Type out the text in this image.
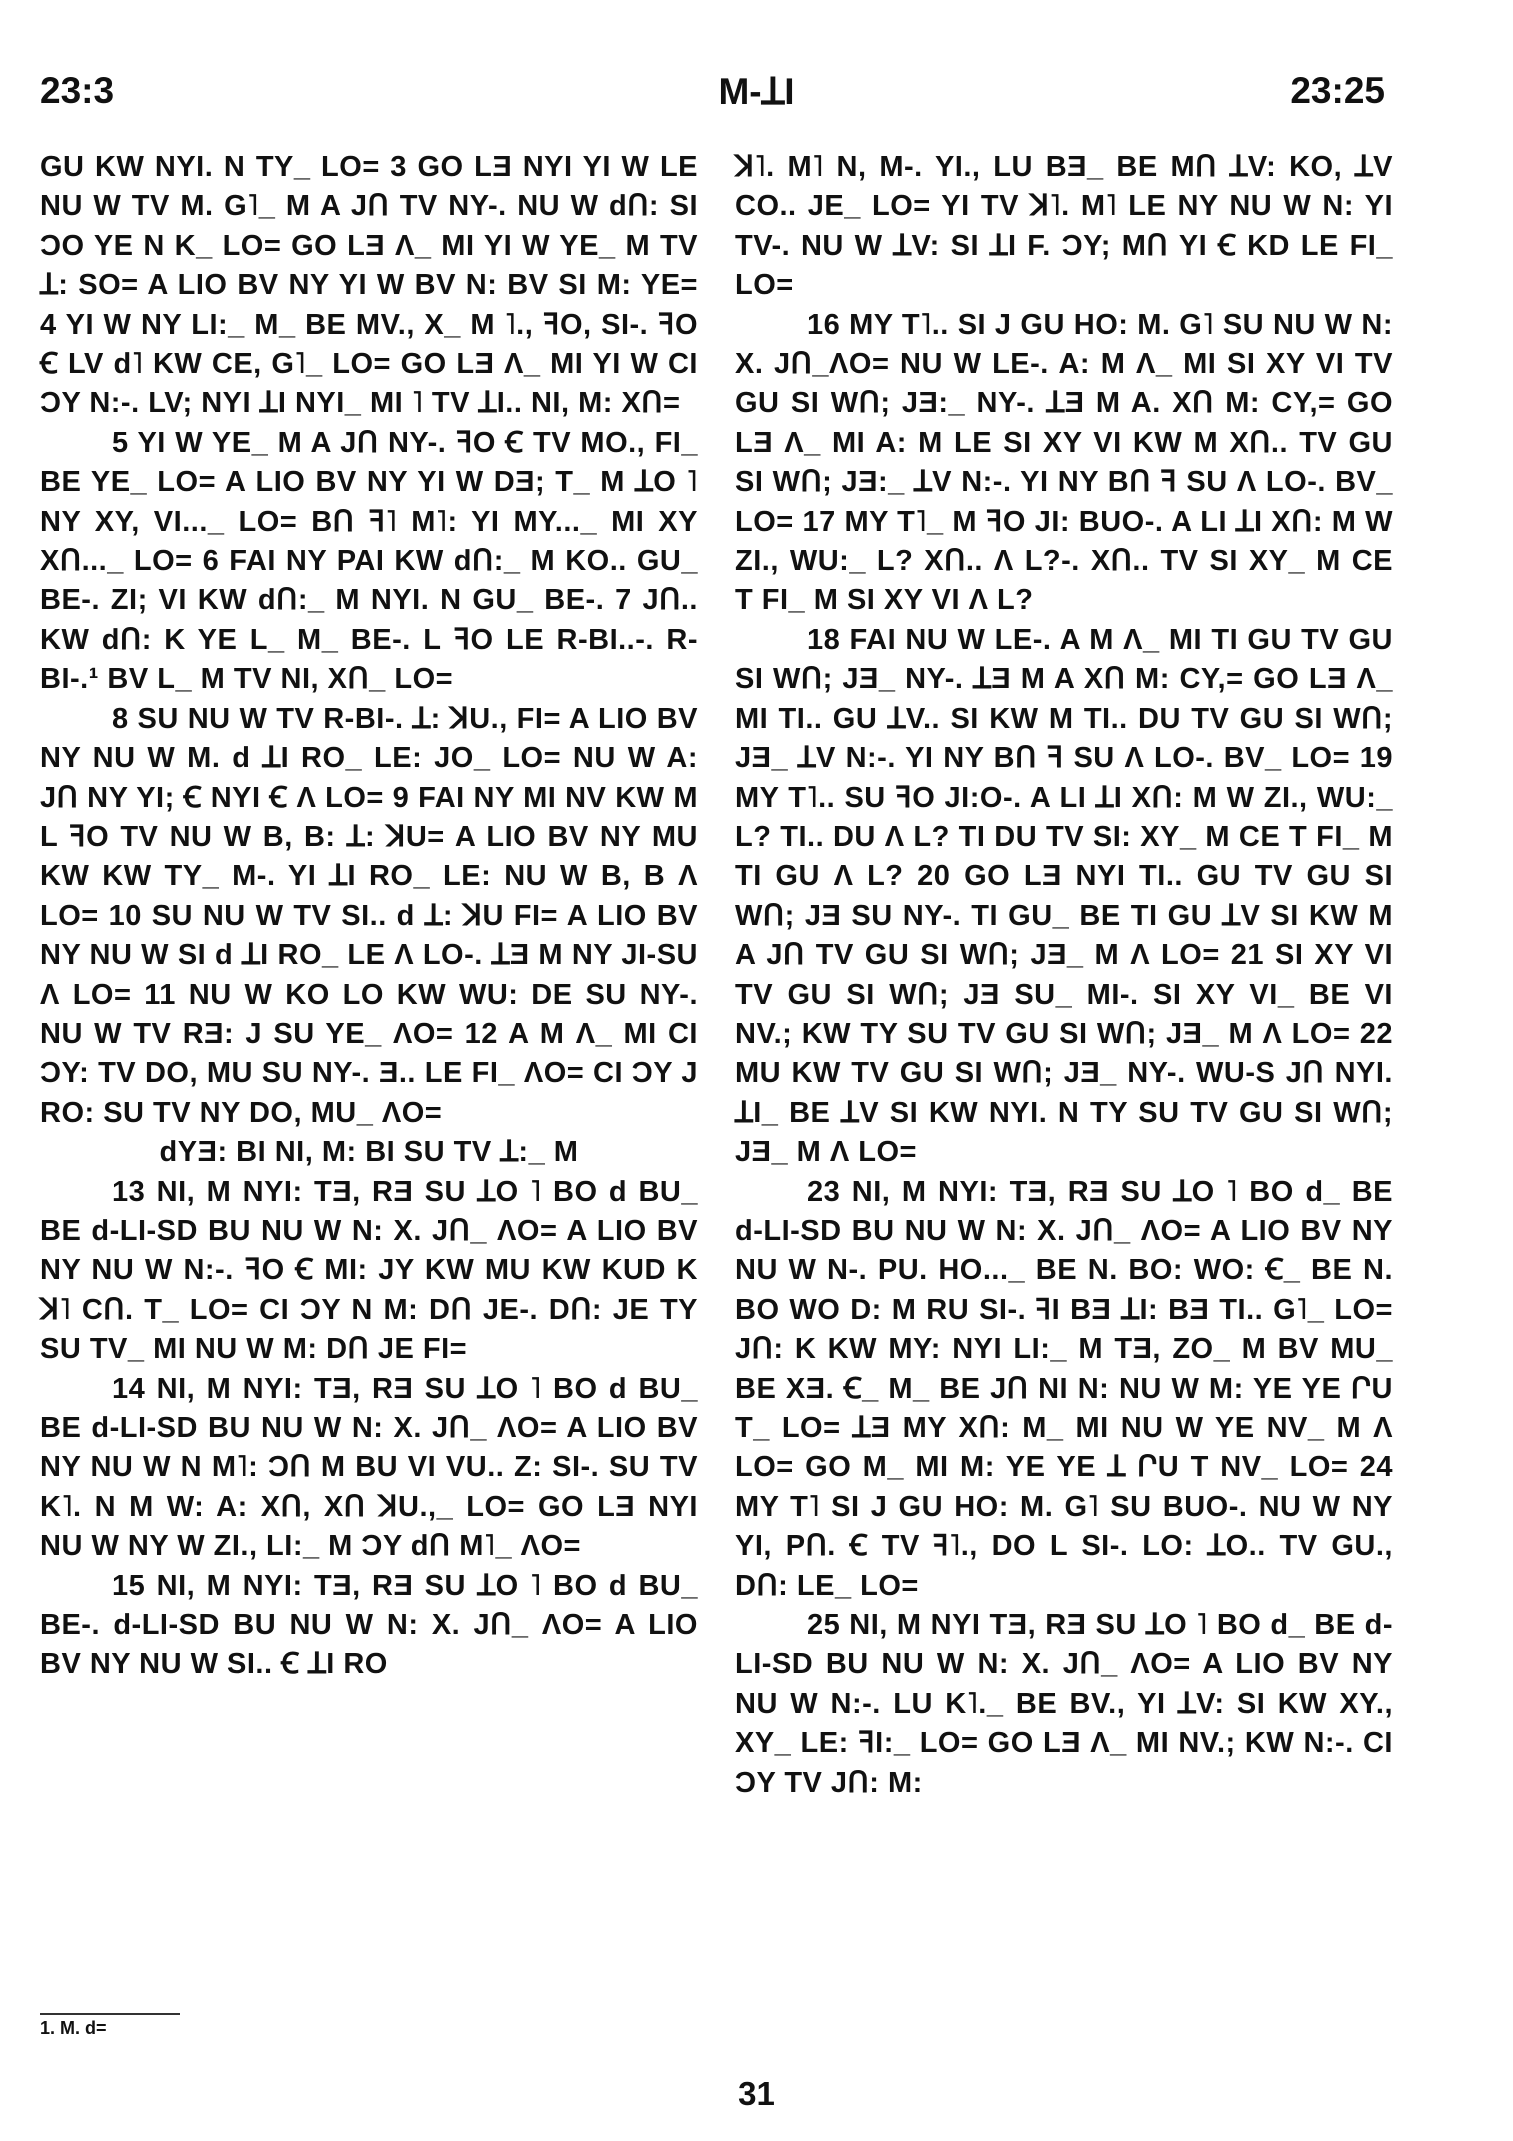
23:3	M-ꓕI	23:25

GU KW NYI. N TY_ LO= 3 GO LƎ NYI YI W LE NU W TV M. G˥_ M A JՈ TV NY-. NU W ԁՈ: SI ƆO YE N K_ LO= GO LƎ Λ_ MI YI W YE_ M TV ꓕ: SO= A LIO BV NY YI W BV N: BV SI M: YE= 4 YI W NY LI:_ M_ BE MV., X_ M ˥., ꟻO, SI-. ꟻO Ꞓ LV ԁ˥ KW CE, G˥_ LO= GO LƎ Λ_ MI YI W CI ƆY N:-. LV; NYI ꓕI NYI_ MI ˥ TV ꓕI.. NI, M: XՈ=

5 YI W YE_ M A JՈ NY-. ꟻO Ꞓ TV MO., FI_ BE YE_ LO= A LIO BV NY YI W DƎ; T_ M ꓕO ˥ NY XY, VI..._ LO= BՈ ꟻ˥ M˥: YI MY..._ MI XY XՈ..._ LO= 6 FAI NY PAI KW ԁՈ:_ M KO.. GU_ BE-. ZI; VI KW ԁՈ:_ M NYI. N GU_ BE-. 7 JՈ.. KW ԁՈ: K YE L_ M_ BE-. L ꟻO LE R-BI..-. R-BI-.¹ BV L_ M TV NI, XՈ_ LO=

8 SU NU W TV R-BI-. ꓕ: ꓘU., FI= A LIO BV NY NU W M. ԁ ꓕI RO_ LE: JO_ LO= NU W A: JՈ NY YI; Ꞓ NYI Ꞓ Λ LO= 9 FAI NY MI NV KW M L ꟻO TV NU W B, B: ꓕ: ꓘU= A LIO BV NY MU KW KW TY_ M-. YI ꓕI RO_ LE: NU W B, B Λ LO= 10 SU NU W TV SI.. ԁ ꓕ: ꓘU FI= A LIO BV NY NU W SI ԁ ꓕI RO_ LE Λ LO-. ꓕƎ M NY JI-SU Λ LO= 11 NU W KO LO KW WU: DE SU NY-. NU W TV RƎ: J SU YE_ ΛO= 12 A M Λ_ MI CI ƆY: TV DO, MU SU NY-. Ǝ.. LE FI_ ΛO= CI ƆY J RO: SU TV NY DO, MU_ ΛO=

ԁYƎ: BI NI, M: BI SU TV ꓕ:_ M

13 NI, M NYI: TƎ, RƎ SU ꓕO ˥ BO ԁ BU_ BE ԁ-LI-SD BU NU W N: X. JՈ_ ΛO= A LIO BV NY NU W N:-. ꟻO Ꞓ MI: JY KW MU KW KUD K ꓘ˥ CՈ. T_ LO= CI ƆY N M: DՈ JE-. DՈ: JE TY SU TV_ MI NU W M: DՈ JE FI=

14 NI, M NYI: TƎ, RƎ SU ꓕO ˥ BO ԁ BU_ BE ԁ-LI-SD BU NU W N: X. JՈ_ ΛO= A LIO BV NY NU W N M˥: ƆՈ M BU VI VU.. Z: SI-. SU TV K˥. N M W: A: XՈ, XՈ ꓘU.,_ LO= GO LƎ NYI NU W NY W ZI., LI:_ M ƆY ԁՈ M˥_ ΛO=

15 NI, M NYI: TƎ, RƎ SU ꓕO ˥ BO ԁ BU_ BE-. ԁ-LI-SD BU NU W N: X. JՈ_ ΛO= A LIO BV NY NU W SI.. Ꞓ ꓕI RO

ꓘ˥. M˥ N, M-. YI., LU BƎ_ BE MՈ ꓕV: KO, ꓕV CO.. JE_ LO= YI TV ꓘ˥. M˥ LE NY NU W N: YI TV-. NU W ꓕV: SI ꓕI F. ƆY; MՈ YI Ꞓ KD LE FI_ LO=

16 MY T˥.. SI J GU HO: M. G˥ SU NU W N: X. JՈ_ΛO= NU W LE-. A: M Λ_ MI SI XY VI TV GU SI WՈ; JƎ:_ NY-. ꓕƎ M A. XՈ M: CY,= GO LƎ Λ_ MI A: M LE SI XY VI KW M XՈ.. TV GU SI WՈ; JƎ:_ ꓕV N:-. YI NY BՈ ꟻ SU Λ LO-. BV_ LO= 17 MY T˥_ M ꟻO JI: BUO-. A LI ꓕI XՈ: M W ZI., WU:_ L? XՈ.. Λ L?-. XՈ.. TV SI XY_ M CE T FI_ M SI XY VI Λ L?

18 FAI NU W LE-. A M Λ_ MI TI GU TV GU SI WՈ; JƎ_ NY-. ꓕƎ M A XՈ M: CY,= GO LƎ Λ_ MI TI.. GU ꓕV.. SI KW M TI.. DU TV GU SI WՈ; JƎ_ ꓕV N:-. YI NY BՈ ꟻ SU Λ LO-. BV_ LO= 19 MY T˥.. SU ꟻO JI:O-. A LI ꓕI XՈ: M W ZI., WU:_ L? TI.. DU Λ L? TI DU TV SI: XY_ M CE T FI_ M TI GU Λ L? 20 GO LƎ NYI TI.. GU TV GU SI WՈ; JƎ SU NY-. TI GU_ BE TI GU ꓕV SI KW M A JՈ TV GU SI WՈ; JƎ_ M Λ LO= 21 SI XY VI TV GU SI WՈ; JƎ SU_ MI-. SI XY VI_ BE VI NV.; KW TY SU TV GU SI WՈ; JƎ_ M Λ LO= 22 MU KW TV GU SI WՈ; JƎ_ NY-. WU-S JՈ NYI. ꓕI_ BE ꓕV SI KW NYI. N TY SU TV GU SI WՈ; JƎ_ M Λ LO=

23 NI, M NYI: TƎ, RƎ SU ꓕO ˥ BO ԁ_ BE ԁ-LI-SD BU NU W N: X. JՈ_ ΛO= A LIO BV NY NU W N-. PU. HO..._ BE N. BO: WO: Ꞓ_ BE N. BO WO D: M RU SI-. ꟻI BƎ ꓕI: BƎ TI.. G˥_ LO= JՈ: K KW MY: NYI LI:_ M TƎ, ZO_ M BV MU_ BE XƎ. Ꞓ_ M_ BE JՈ NI N: NU W M: YE YE ՐU T_ LO= ꓕƎ MY XՈ: M_ MI NU W YE NV_ M Λ LO= GO M_ MI M: YE YE ꓕ ՐU T NV_ LO= 24 MY T˥ SI J GU HO: M. G˥ SU BUO-. NU W NY YI, PՈ. Ꞓ TV ꟻ˥., DO L SI-. LO: ꓕO.. TV GU., DՈ: LE_ LO=

25 NI, M NYI TƎ, RƎ SU ꓕO ˥ BO ԁ_ BE ԁ-LI-SD BU NU W N: X. JՈ_ ΛO= A LIO BV NY NU W N:-. LU K˥._ BE BV., YI ꓕV: SI KW XY., XY_ LE: ꟻI:_ LO= GO LƎ Λ_ MI NV.; KW N:-. CI ƆY TV JՈ: M:

1. M. ԁ=
31
